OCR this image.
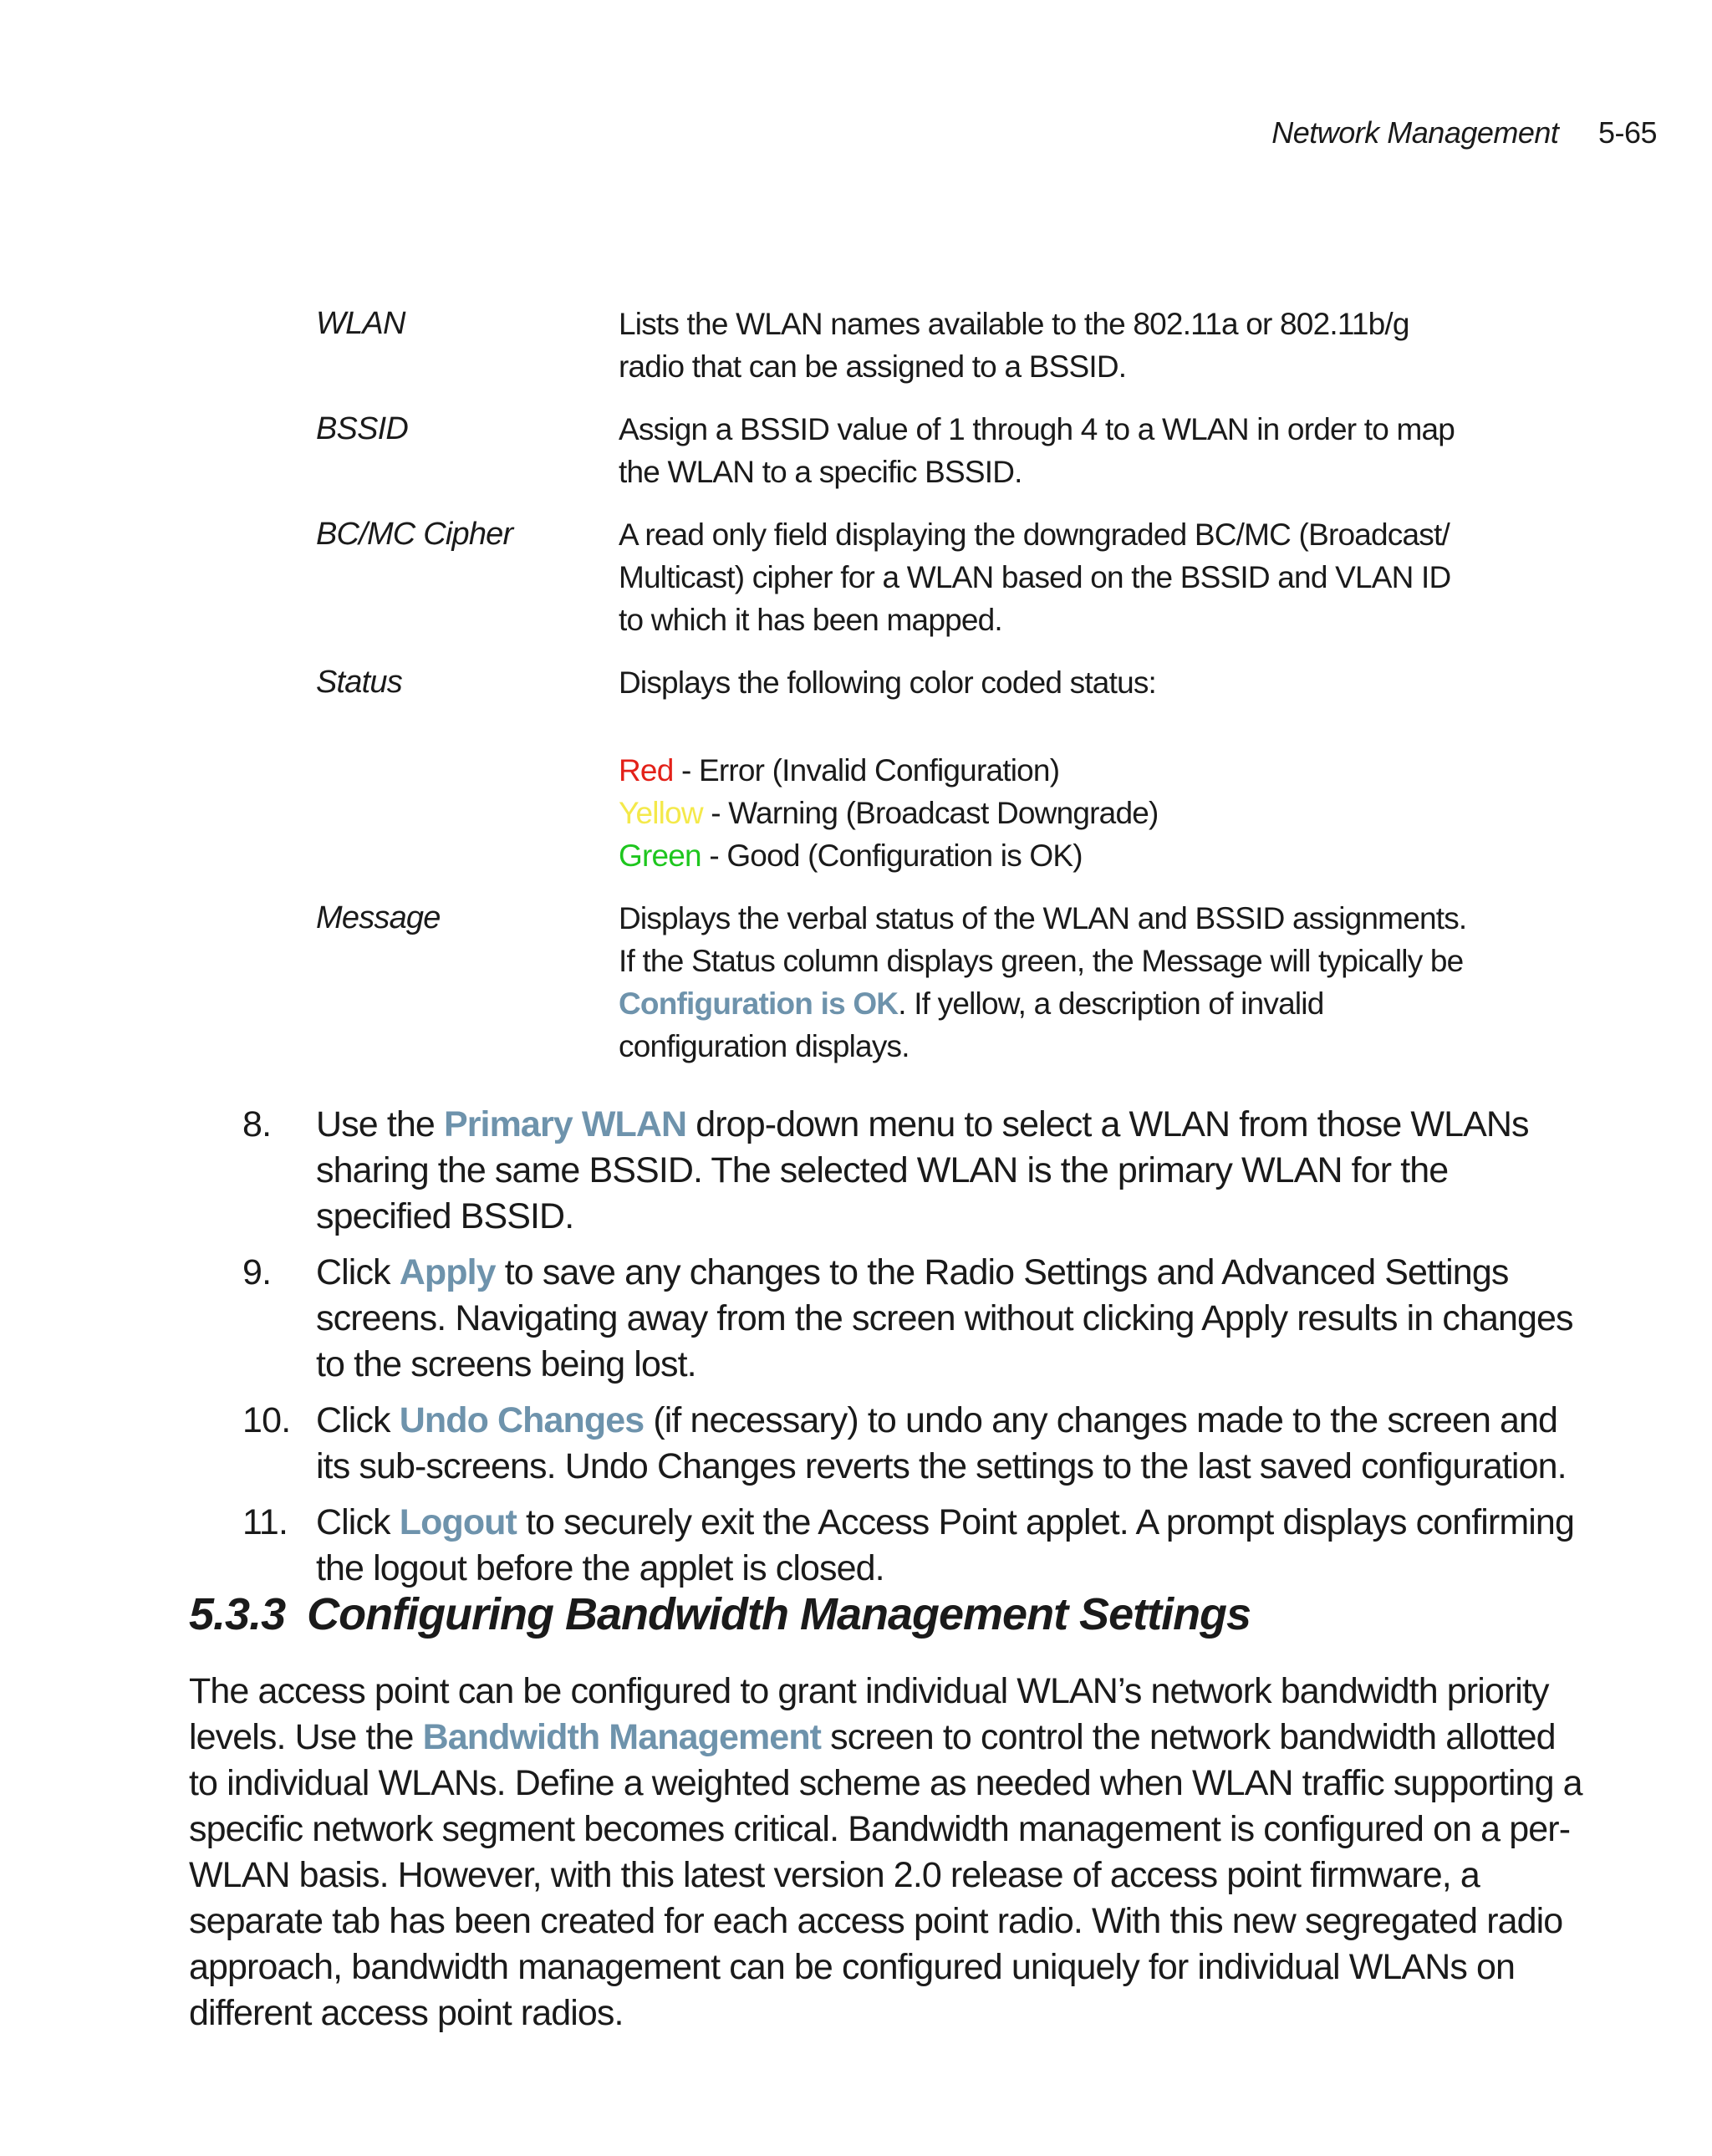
Network Management 5-65
WLAN	Lists the WLAN names available to the 802.11a or 802.11b/g radio that can be assigned to a BSSID.
BSSID	Assign a BSSID value of 1 through 4 to a WLAN in order to map the WLAN to a specific BSSID.
BC/MC Cipher	A read only field displaying the downgraded BC/MC (Broadcast/ Multicast) cipher for a WLAN based on the BSSID and VLAN ID to which it has been mapped.
Status	Displays the following color coded status:

Red - Error (Invalid Configuration)

Yellow - Warning (Broadcast Downgrade)

Green - Good (Configuration is OK)

Message	Displays the verbal status of the WLAN and BSSID assignments. If the Status column displays green, the Message will typically be Configuration is OK. If yellow, a description of invalid configuration displays.
8.	Use the Primary WLAN drop-down menu to select a WLAN from those WLANs sharing the same BSSID. The selected WLAN is the primary WLAN for the specified BSSID.
9.	Click Apply to save any changes to the Radio Settings and Advanced Settings screens. Navigating away from the screen without clicking Apply results in changes to the screens being lost.
10. Click Undo Changes (if necessary) to undo any changes made to the screen and its sub-screens. Undo Changes reverts the settings to the last saved configuration.
11. Click Logout to securely exit the Access Point applet. A prompt displays confirming the logout before the applet is closed.
5.3.3 Configuring Bandwidth Management Settings

The access point can be configured to grant individual WLAN’s network bandwidth priority levels. Use the Bandwidth Management screen to control the network bandwidth allotted to individual WLANs. Define a weighted scheme as needed when WLAN traffic supporting a specific network segment becomes critical. Bandwidth management is configured on a per-WLAN basis. However, with this latest version 2.0 release of access point firmware, a separate tab has been created for each access point radio. With this new segregated radio approach, bandwidth management can be configured uniquely for individual WLANs on different access point radios.
